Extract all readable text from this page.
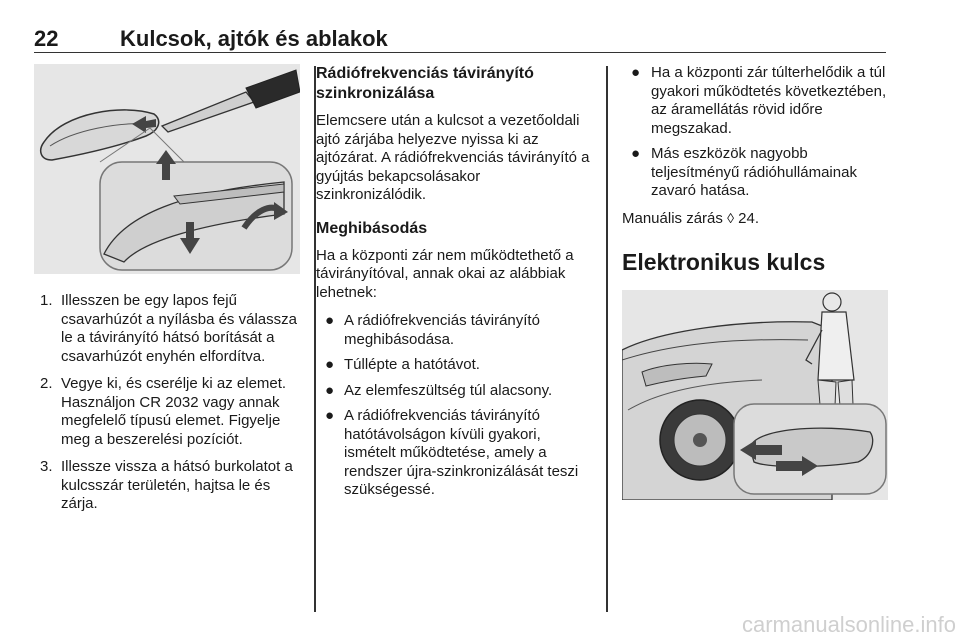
22	Kulcsok, ajtók és ablakok
1. Illesszen be egy lapos fejű csavarhúzót a nyílásba és válassza le a távirányító hátsó borítását a csavarhúzót enyhén elfordítva.
2. Vegye ki, és cserélje ki az elemet. Használjon CR 2032 vagy annak megfelelő típusú elemet. Figyelje meg a beszerelési pozíciót.
3. Illessze vissza a hátsó burkolatot a kulcsszár területén, hajtsa le és zárja.
Rádiófrekvenciás távirányító szinkronizálása

Elemcsere után a kulcsot a vezetőoldali ajtó zárjába helyezve nyissa ki az ajtózárat. A rádiófrekvenciás távirányító a gyújtás bekapcsolásakor szinkronizálódik.

Meghibásodás

Ha a központi zár nem működtethető a távirányítóval, annak okai az alábbiak lehetnek:

● A rádiófrekvenciás távirányító meghibásodása.
● Túllépte a hatótávot.
● Az elemfeszültség túl alacsony.
● A rádiófrekvenciás távirányító hatótávolságon kívüli gyakori, ismételt működtetése, amely a rendszer újra-szinkronizálását teszi szükségessé.
● Ha a központi zár túlterhelődik a túl gyakori működtetés következtében, az áramellátás rövid időre megszakad.
● Más eszközök nagyobb teljesítményű rádióhullámainak zavaró hatása.

Manuális zárás ◊ 24.

Elektronikus kulcs
carmanualsonline.info
